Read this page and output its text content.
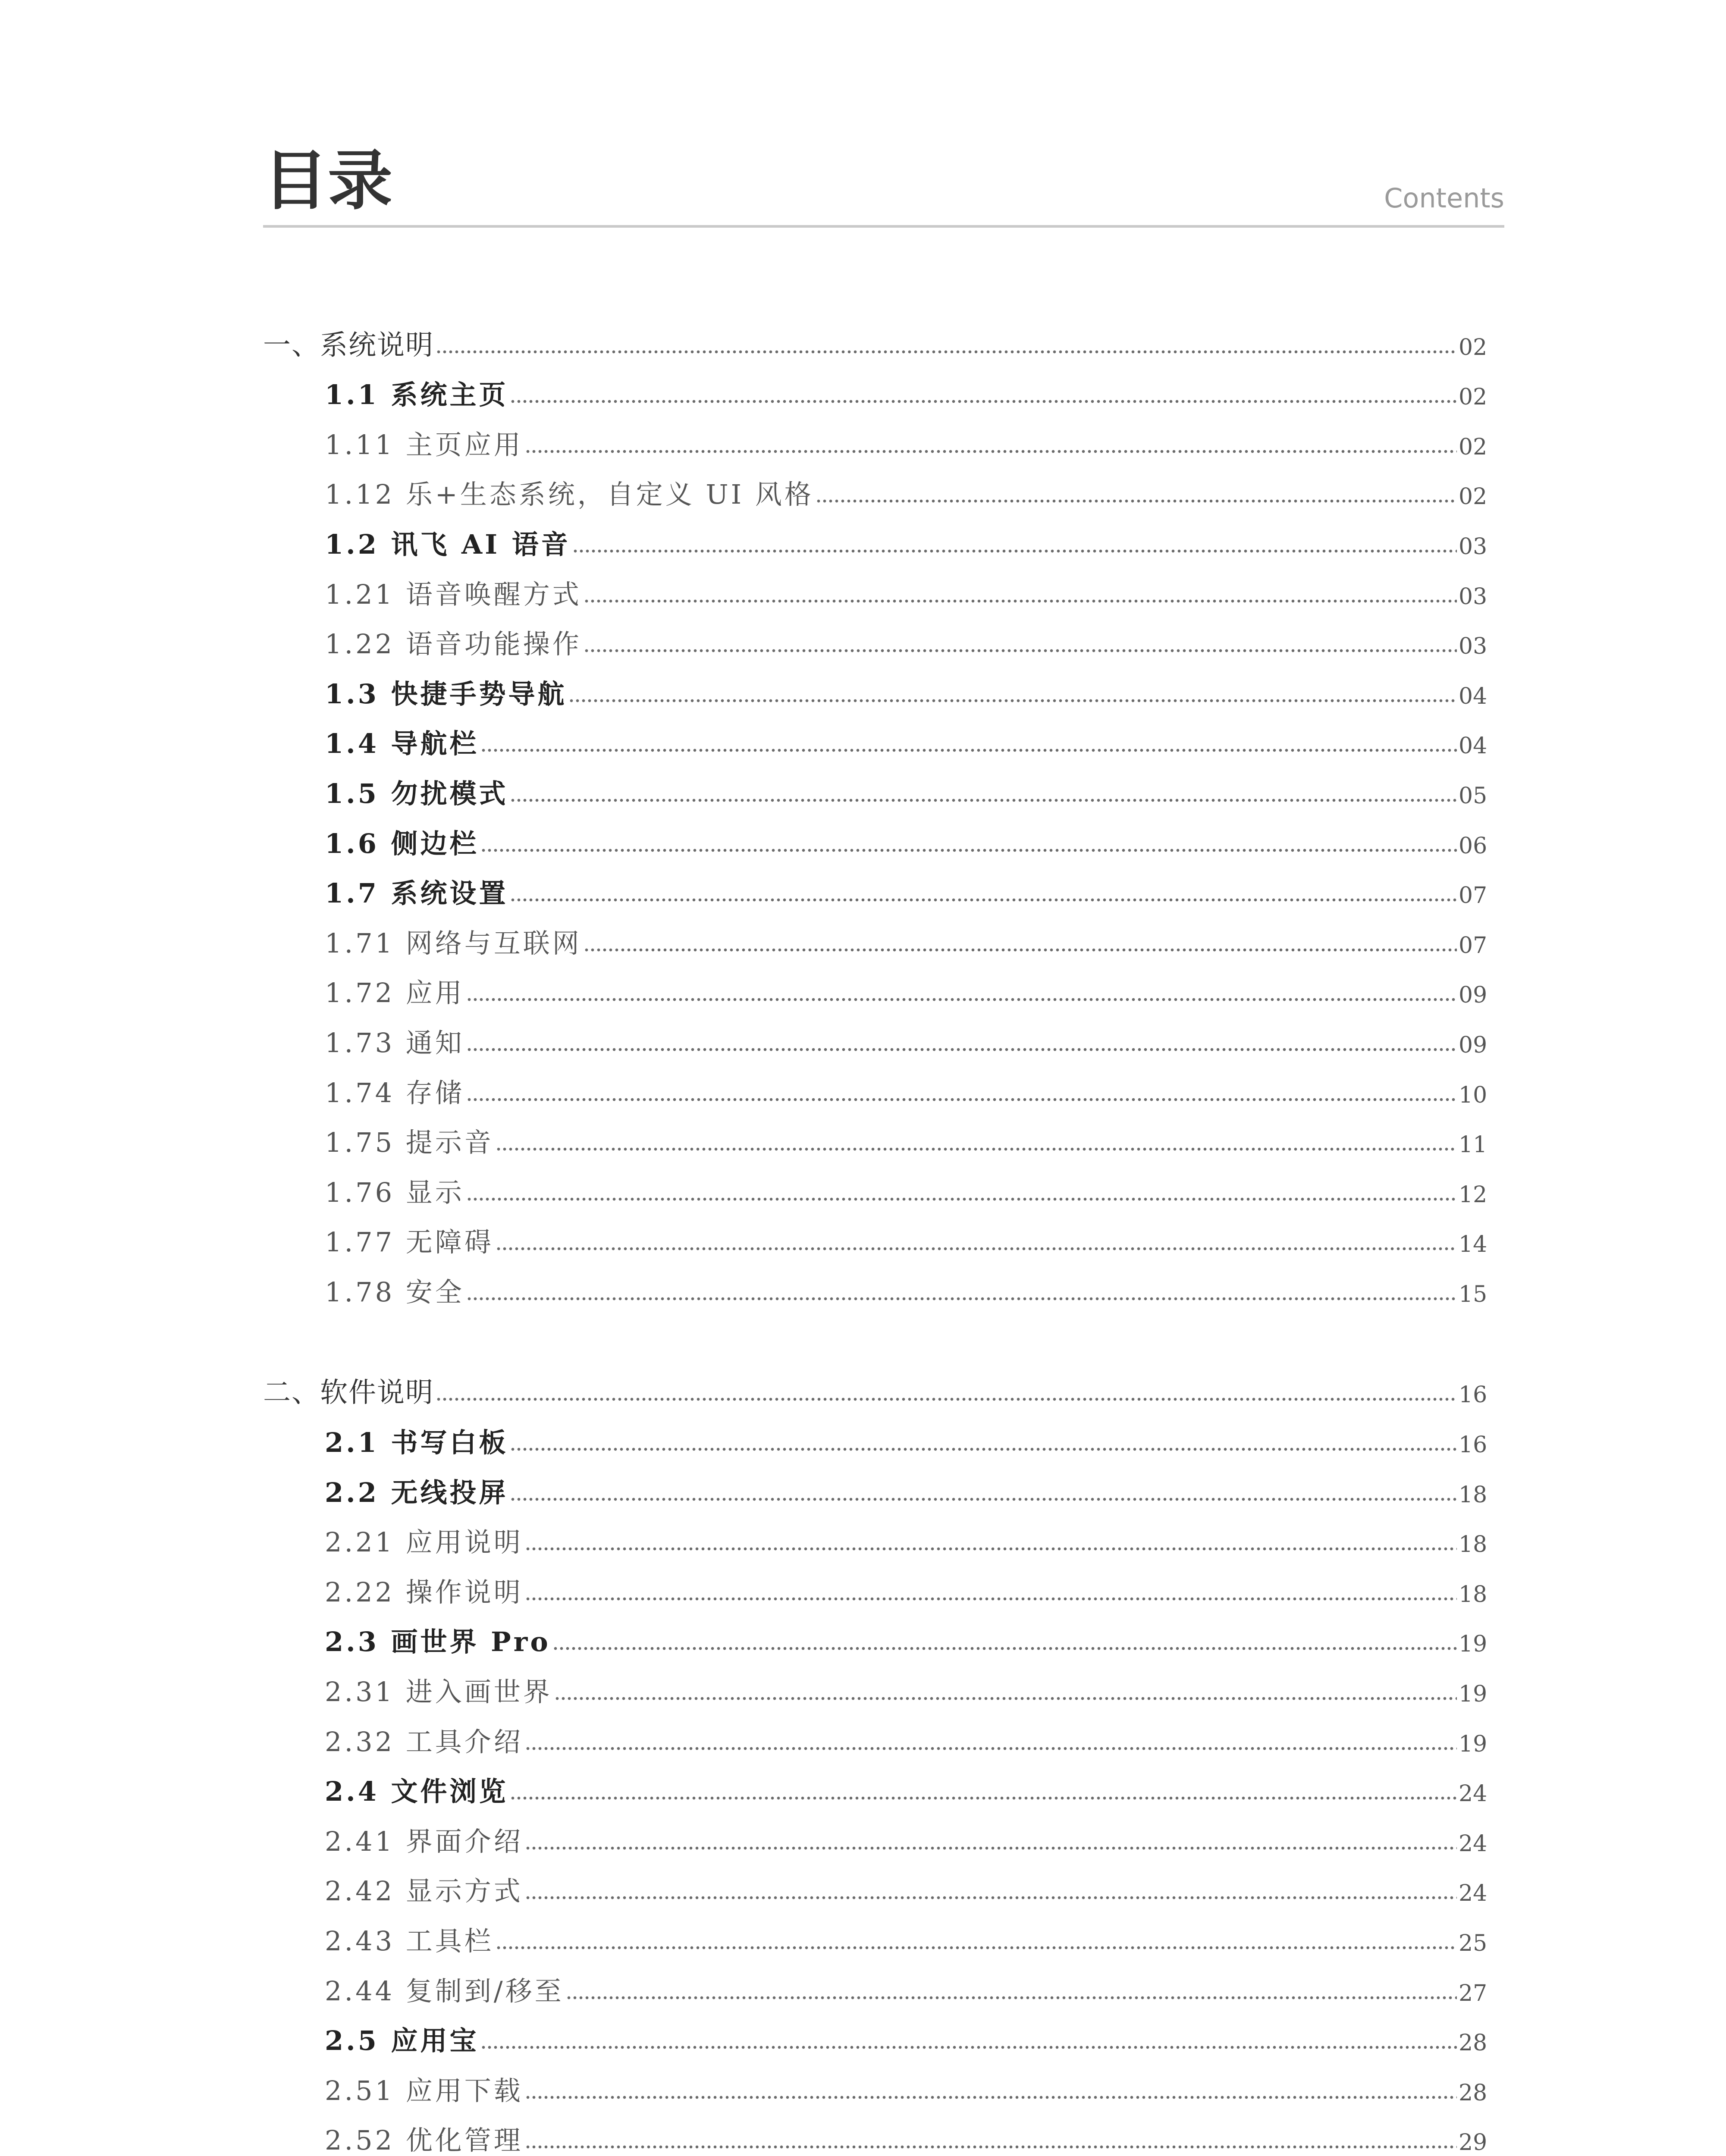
目录	Contents
一、系统说明	02
1.1 系统主页	02
1.11 主页应用	02
1.12 乐+生态系统，自定义 UI 风格	02
1.2 讯飞 AI 语音	03
1.21 语音唤醒方式	03
1.22 语音功能操作	03
1.3 快捷手势导航	04
1.4 导航栏	04
1.5 勿扰模式	05
1.6 侧边栏	06
1.7 系统设置	07
1.71 网络与互联网	07
1.72 应用	09
1.73 通知	09
1.74 存储	10
1.75 提示音	11
1.76 显示	12
1.77 无障碍	14
1.78 安全	15
二、软件说明	16
2.1 书写白板	16
2.2 无线投屏	18
2.21 应用说明	18
2.22 操作说明	18
2.3 画世界 Pro	19
2.31 进入画世界	19
2.32 工具介绍	19
2.4 文件浏览	24
2.41 界面介绍	24
2.42 显示方式	24
2.43 工具栏	25
2.44 复制到/移至	27
2.5 应用宝	28
2.51 应用下载	28
2.52 优化管理	29
